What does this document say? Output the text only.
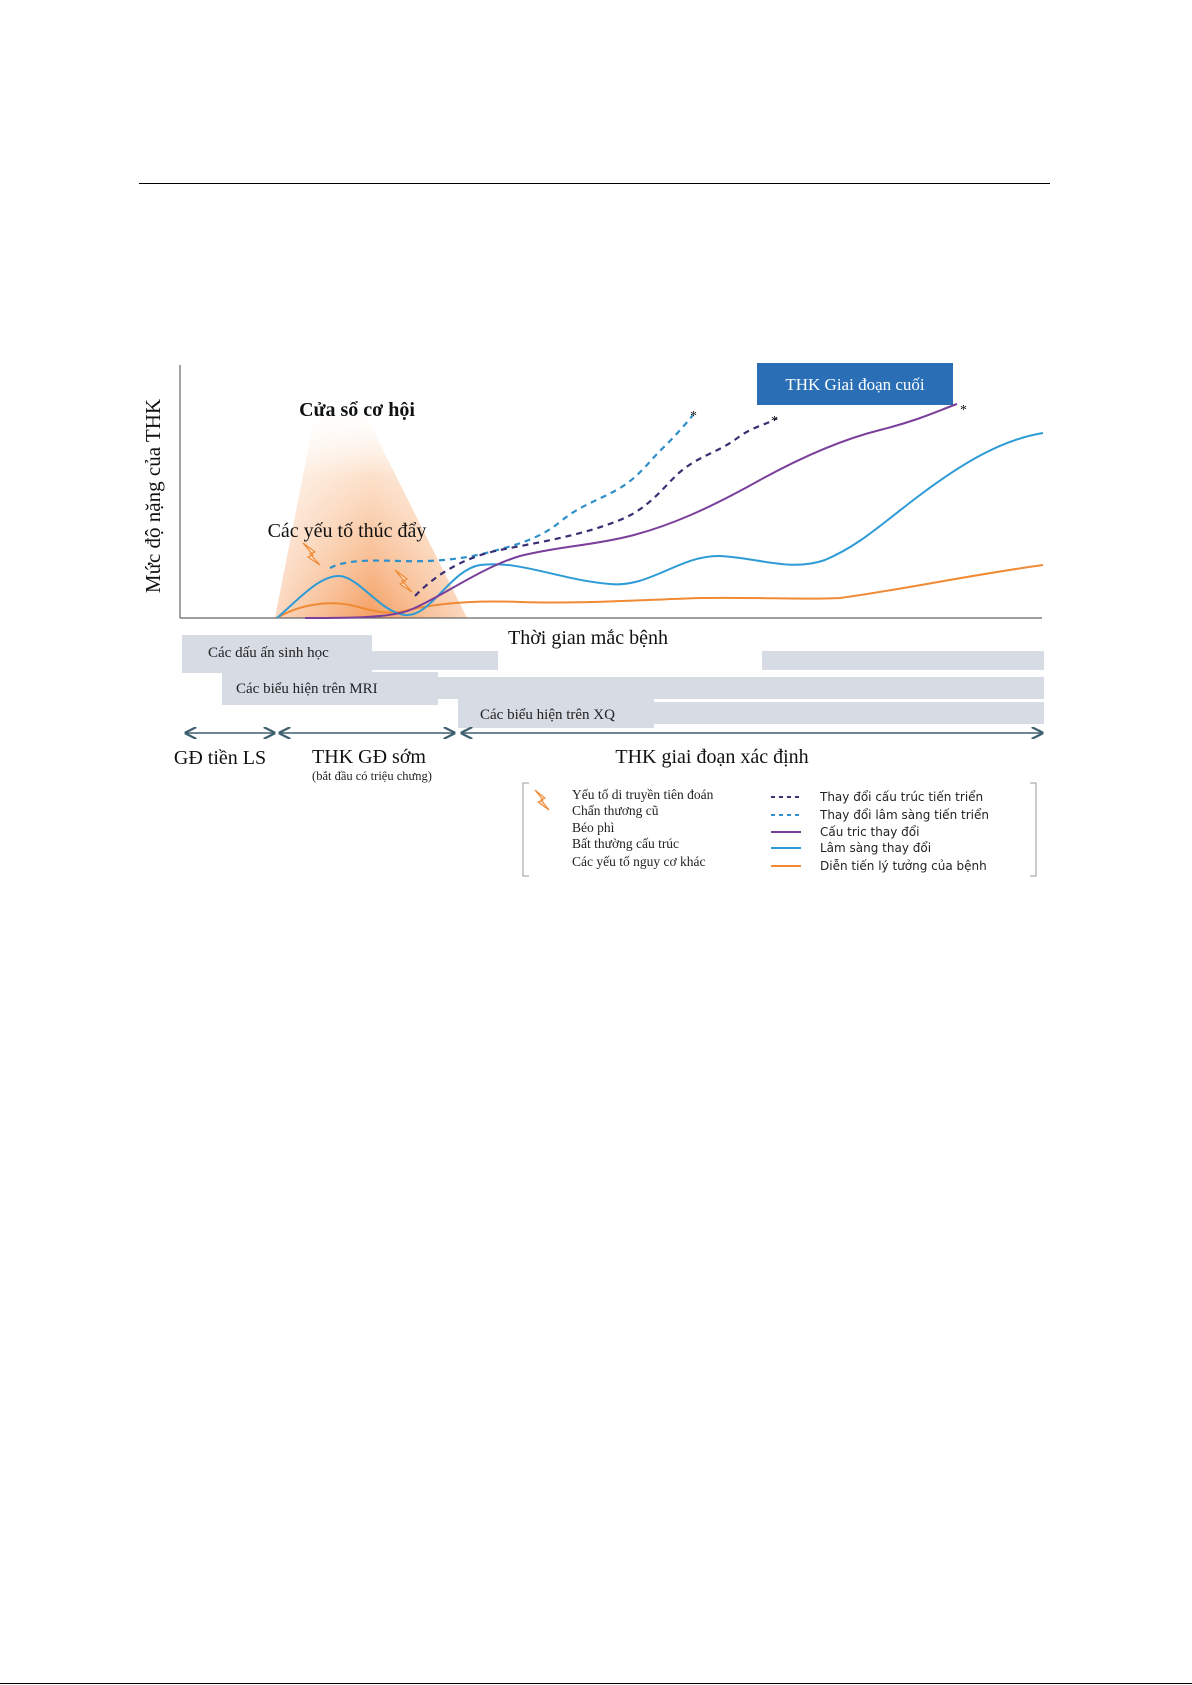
Mức độ nặng của THK	Cửa sổ cơ hội
Các yếu tố thúc đẩy
THK Giai đoạn cuối
*	*
*
Thời gian mắc bệnh
Các dấu ấn sinh học
Các biểu hiện trên MRI
Các biểu hiện trên XQ
GĐ tiền LS THK GĐ sớm
(bắt đầu có triệu chưng)
THK giai đoạn xác định
Yếu tố di truyền tiên đoán
Chấn thương cũ
Béo phì
Bất thường cấu trúc
Các yếu tố nguy cơ khác
Thay đổi cấu trúc tiến triển
Thay đổi lâm sàng tiến triển
Cấu tric thay đổi
Lâm sàng thay đổi
Diễn tiến lý tưởng của bệnh
